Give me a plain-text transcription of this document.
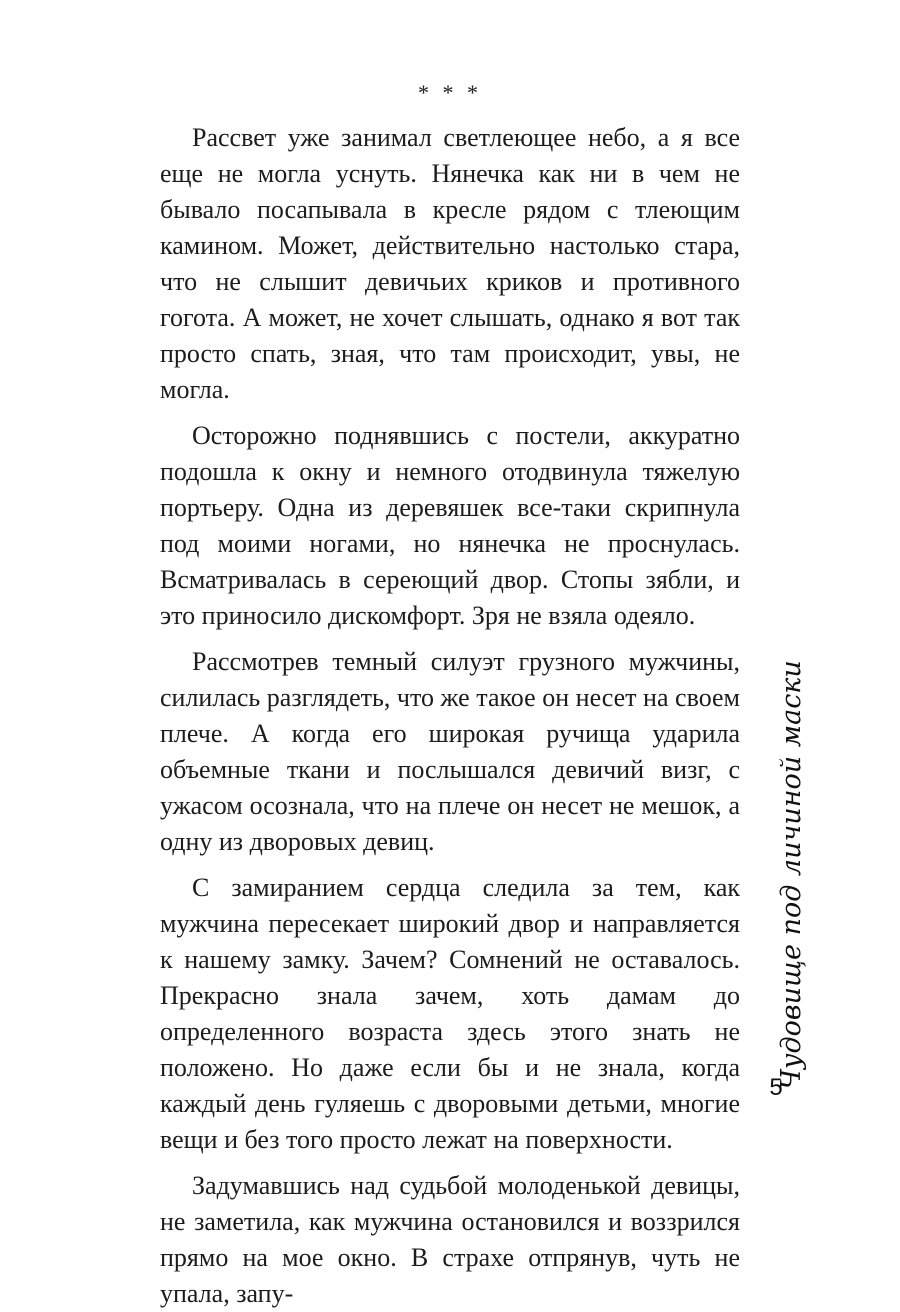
* * *

Рассвет уже занимал светлеющее небо, а я все еще не могла уснуть. Нянечка как ни в чем не бывало посапывала в кресле рядом с тлеющим камином. Может, действительно настолько стара, что не слышит девичьих криков и противного гогота. А может, не хочет слышать, однако я вот так просто спать, зная, что там происходит, увы, не могла.

Осторожно поднявшись с постели, аккуратно подошла к окну и немного отодвинула тяжелую портьеру. Одна из деревяшек все-таки скрипнула под моими ногами, но нянечка не проснулась. Всматривалась в сереющий двор. Стопы зябли, и это приносило дискомфорт. Зря не взяла одеяло.

Рассмотрев темный силуэт грузного мужчины, силилась разглядеть, что же такое он несет на своем плече. А когда его широкая ручища ударила объемные ткани и послышался девичий визг, с ужасом осознала, что на плече он несет не мешок, а одну из дворовых девиц.

С замиранием сердца следила за тем, как мужчина пересекает широкий двор и направляется к нашему замку. Зачем? Сомнений не оставалось. Прекрасно знала зачем, хоть дамам до определенного возраста здесь этого знать не положено. Но даже если бы и не знала, когда каждый день гуляешь с дворовыми детьми, многие вещи и без того просто лежат на поверхности.

Задумавшись над судьбой молоденькой девицы, не заметила, как мужчина остановился и воззрился прямо на мое окно. В страхе отпрянув, чуть не упала, запу-

Чудовище под личиной маски
5
